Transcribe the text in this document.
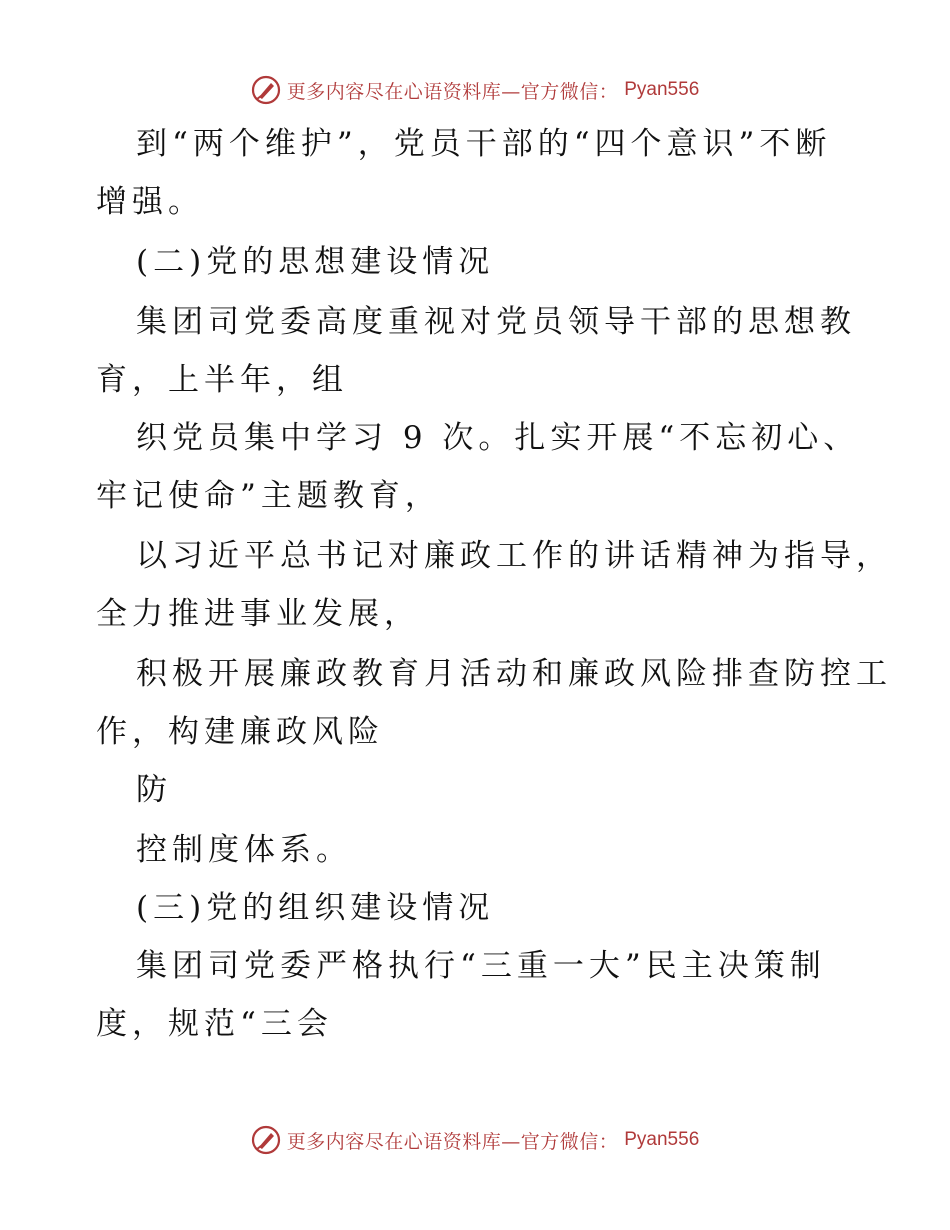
更多内容尽在心语资料库—官方微信： Pyan556
到“两个维护”，党员干部的“四个意识”不断
增强。
(二)党的思想建设情况
集团司党委高度重视对党员领导干部的思想教
育，上半年，组
织党员集中学习 9 次。扎实开展“不忘初心、
牢记使命”主题教育，
以习近平总书记对廉政工作的讲话精神为指导，
全力推进事业发展，
积极开展廉政教育月活动和廉政风险排查防控工
作，构建廉政风险
防
控制度体系。
(三)党的组织建设情况
集团司党委严格执行“三重一大”民主决策制
度，规范“三会
更多内容尽在心语资料库—官方微信： Pyan556
